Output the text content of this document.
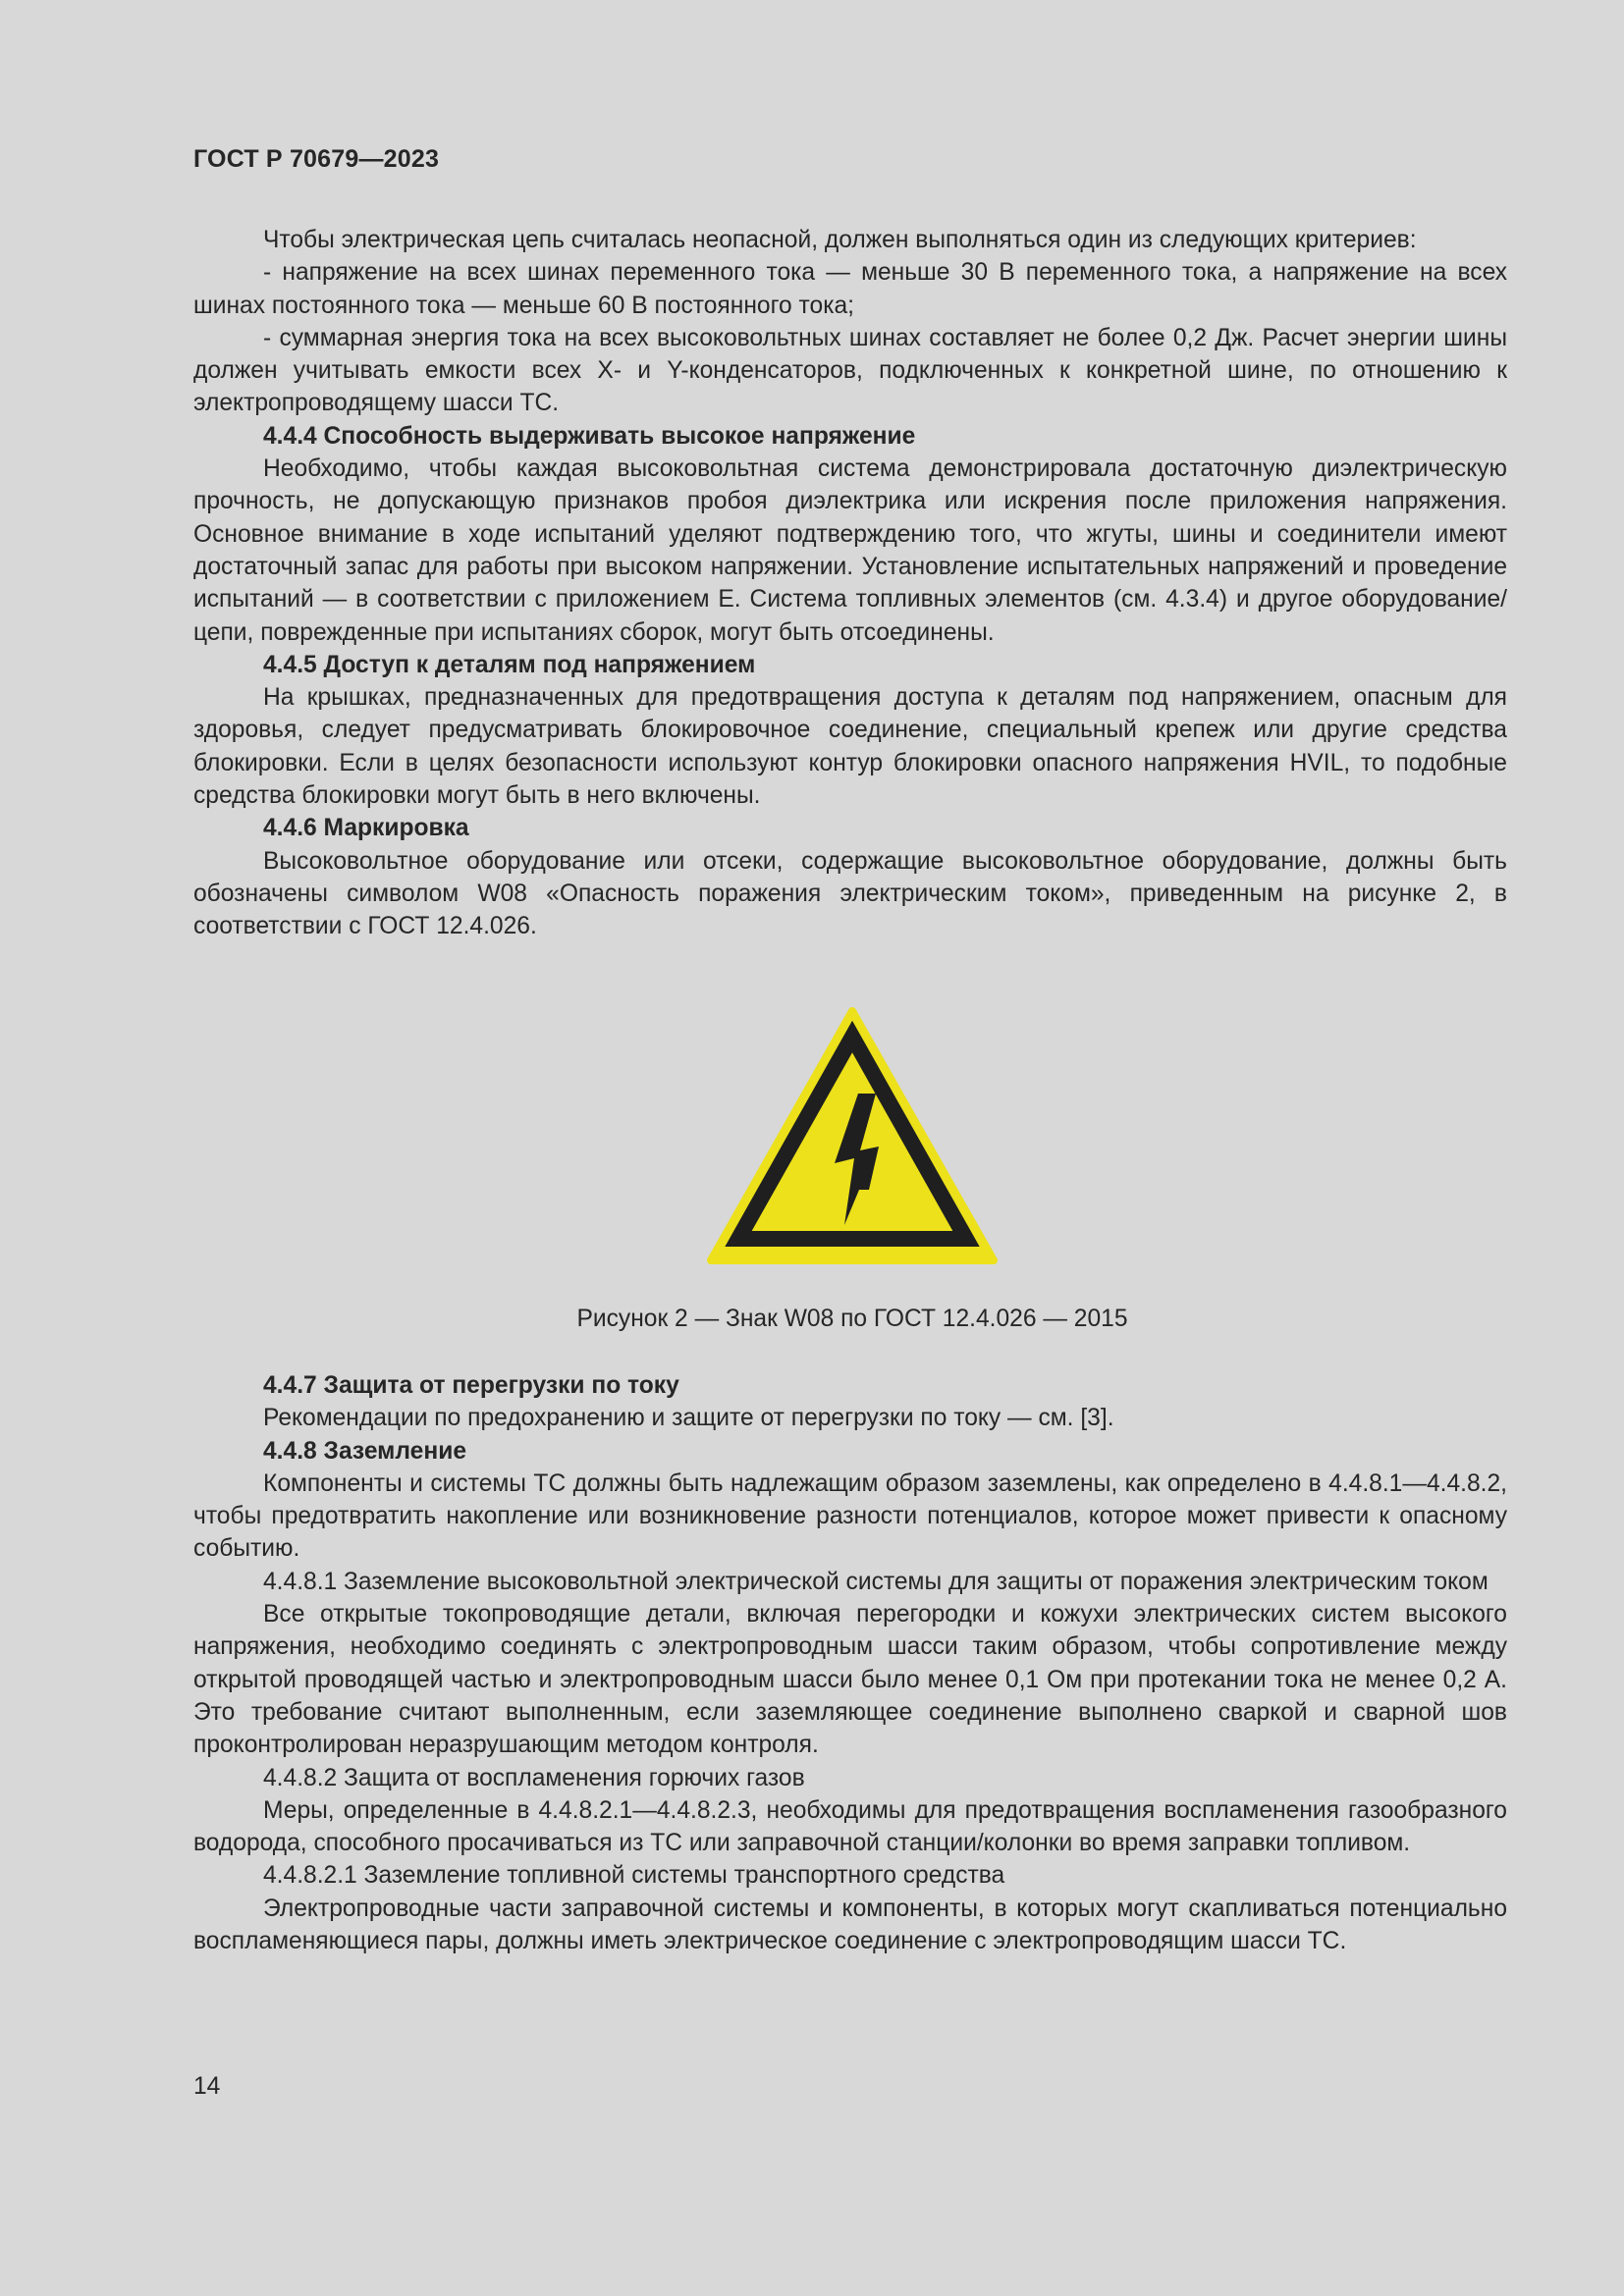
ГОСТ Р 70679—2023

Чтобы электрическая цепь считалась неопасной, должен выполняться один из следующих критериев:

- напряжение на всех шинах переменного тока — меньше 30 В переменного тока, а напряжение на всех шинах постоянного тока — меньше 60 В постоянного тока;

- суммарная энергия тока на всех высоковольтных шинах составляет не более 0,2 Дж. Расчет энергии шины должен учитывать емкости всех X- и Y-конденсаторов, подключенных к конкретной шине, по отношению к электропроводящему шасси ТС.

4.4.4 Способность выдерживать высокое напряжение

Необходимо, чтобы каждая высоковольтная система демонстрировала достаточную диэлектрическую прочность, не допускающую признаков пробоя диэлектрика или искрения после приложения напряжения. Основное внимание в ходе испытаний уделяют подтверждению того, что жгуты, шины и соединители имеют достаточный запас для работы при высоком напряжении. Установление испытательных напряжений и проведение испытаний — в соответствии с приложением Е. Система топливных элементов (см. 4.3.4) и другое оборудование/цепи, поврежденные при испытаниях сборок, могут быть отсоединены.

4.4.5 Доступ к деталям под напряжением

На крышках, предназначенных для предотвращения доступа к деталям под напряжением, опасным для здоровья, следует предусматривать блокировочное соединение, специальный крепеж или другие средства блокировки. Если в целях безопасности используют контур блокировки опасного напряжения HVIL, то подобные средства блокировки могут быть в него включены.

4.4.6 Маркировка

Высоковольтное оборудование или отсеки, содержащие высоковольтное оборудование, должны быть обозначены символом W08 «Опасность поражения электрическим током», приведенным на рисунке 2, в соответствии с ГОСТ 12.4.026.

Рисунок 2 — Знак W08 по ГОСТ 12.4.026 — 2015

4.4.7 Защита от перегрузки по току

Рекомендации по предохранению и защите от перегрузки по току — см. [3].

4.4.8 Заземление

Компоненты и системы ТС должны быть надлежащим образом заземлены, как определено в 4.4.8.1—4.4.8.2, чтобы предотвратить накопление или возникновение разности потенциалов, которое может привести к опасному событию.

4.4.8.1 Заземление высоковольтной электрической системы для защиты от поражения электрическим током

Все открытые токопроводящие детали, включая перегородки и кожухи электрических систем высокого напряжения, необходимо соединять с электропроводным шасси таким образом, чтобы сопротивление между открытой проводящей частью и электропроводным шасси было менее 0,1 Ом при протекании тока не менее 0,2 А. Это требование считают выполненным, если заземляющее соединение выполнено сваркой и сварной шов проконтролирован неразрушающим методом контроля.

4.4.8.2 Защита от воспламенения горючих газов

Меры, определенные в 4.4.8.2.1—4.4.8.2.3, необходимы для предотвращения воспламенения газообразного водорода, способного просачиваться из ТС или заправочной станции/колонки во время заправки топливом.

4.4.8.2.1 Заземление топливной системы транспортного средства

Электропроводные части заправочной системы и компоненты, в которых могут скапливаться потенциально воспламеняющиеся пары, должны иметь электрическое соединение с электропроводящим шасси ТС.

14
